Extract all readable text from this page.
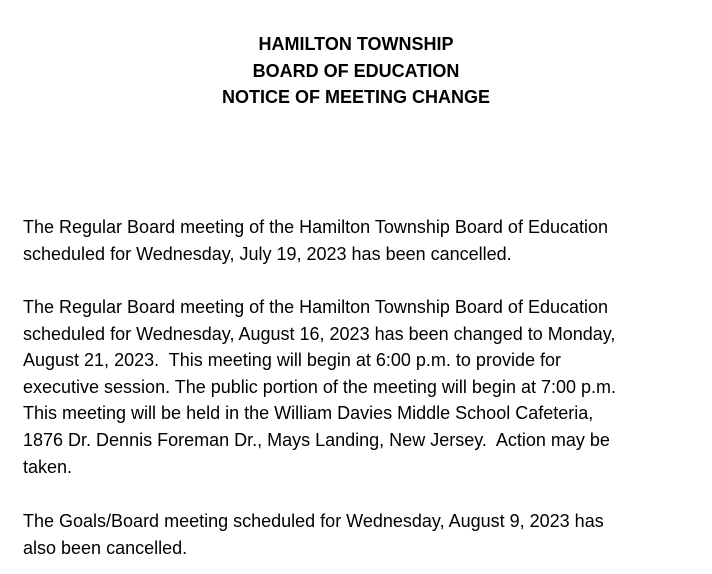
HAMILTON TOWNSHIP
BOARD OF EDUCATION
NOTICE OF MEETING CHANGE

The Regular Board meeting of the Hamilton Township Board of Education
scheduled for Wednesday, July 19, 2023 has been cancelled.

The Regular Board meeting of the Hamilton Township Board of Education
scheduled for Wednesday, August 16, 2023 has been changed to Monday,
August 21, 2023.  This meeting will begin at 6:00 p.m. to provide for
executive session. The public portion of the meeting will begin at 7:00 p.m.
This meeting will be held in the William Davies Middle School Cafeteria,
1876 Dr. Dennis Foreman Dr., Mays Landing, New Jersey.  Action may be
taken.

The Goals/Board meeting scheduled for Wednesday, August 9, 2023 has
also been cancelled.
